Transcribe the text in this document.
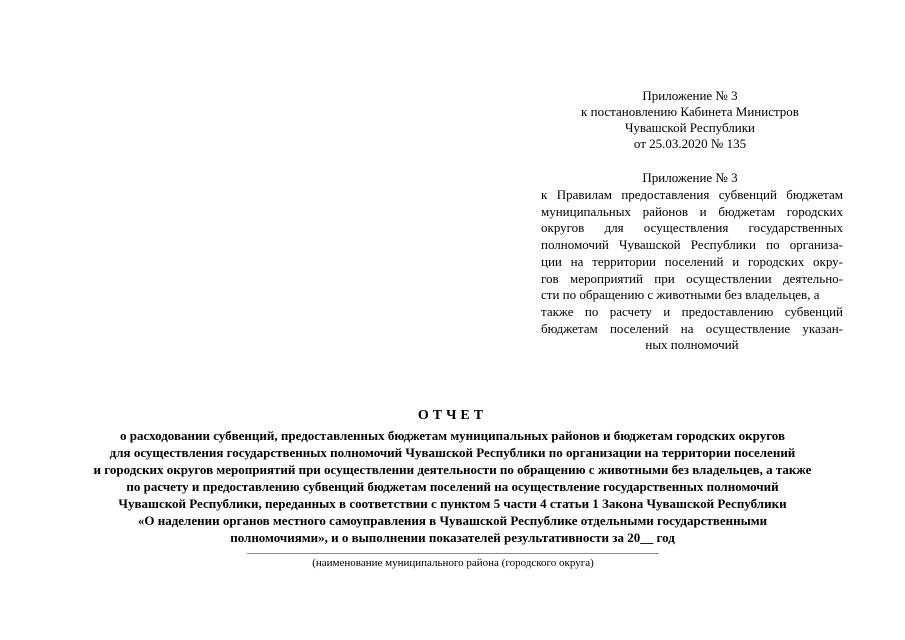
Приложение № 3
к постановлению Кабинета Министров
Чувашской Республики
от 25.03.2020 № 135
Приложение № 3
к Правилам предоставления субвенций бюджетам
муниципальных районов и бюджетам городских
округов для осуществления государственных
полномочий Чувашской Республики по организа-
ции на территории поселений и городских окру-
гов мероприятий при осуществлении деятельно-
сти по обращению с животными без владельцев, а
также по расчету и предоставлению субвенций
бюджетам поселений на осуществление указан-
ных полномочий
ОТЧЕТ
о расходовании субвенций, предоставленных бюджетам муниципальных районов и бюджетам городских округов
для осуществления государственных полномочий Чувашской Республики по организации на территории поселений
и городских округов мероприятий при осуществлении деятельности по обращению с животными без владельцев, а также
по расчету и предоставлению субвенций бюджетам поселений на осуществление государственных полномочий
Чувашской Республики, переданных в соответствии с пунктом 5 части 4 статьи 1 Закона Чувашской Республики
«О наделении органов местного самоуправления в Чувашской Республике отдельными государственными
полномочиями», и о выполнении показателей результативности за 20__ год
(наименование муниципального района (городского округа)
